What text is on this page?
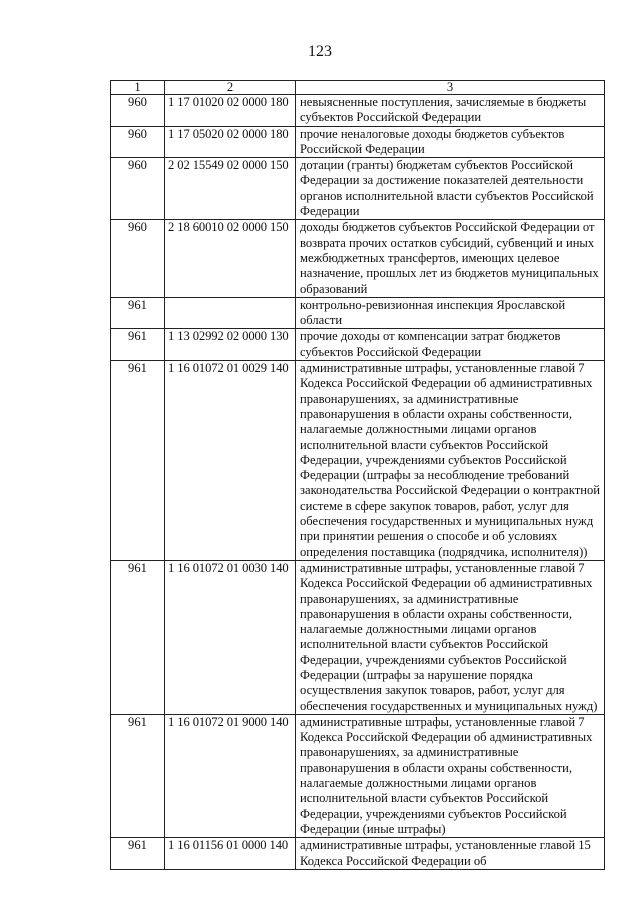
123
1	2	3
960	1 17 01020 02 0000 180	невыясненные поступления, зачисляемые в бюджеты субъектов Российской Федерации
960	1 17 05020 02 0000 180	прочие неналоговые доходы бюджетов субъектов Российской Федерации
960	2 02 15549 02 0000 150	дотации (гранты) бюджетам субъектов Российской Федерации за достижение показателей деятельности органов исполнительной власти субъектов Российской Федерации
960	2 18 60010 02 0000 150	доходы бюджетов субъектов Российской Федерации от возврата прочих остатков субсидий, субвенций и иных межбюджетных трансфертов, имеющих целевое назначение, прошлых лет из бюджетов муниципальных образований
961		контрольно-ревизионная инспекция Ярославской области
961	1 13 02992 02 0000 130	прочие доходы от компенсации затрат бюджетов субъектов Российской Федерации
961	1 16 01072 01 0029 140	административные штрафы, установленные главой 7 Кодекса Российской Федерации об административных правонарушениях, за административные правонарушения в области охраны собственности, налагаемые должностными лицами органов исполнительной власти субъектов Российской Федерации, учреждениями субъектов Российской Федерации (штрафы за несоблюдение требований законодательства Российской Федерации о контрактной системе в сфере закупок товаров, работ, услуг для обеспечения государственных и муниципальных нужд при принятии решения о способе и об условиях определения поставщика (подрядчика, исполнителя))
961	1 16 01072 01 0030 140	административные штрафы, установленные главой 7 Кодекса Российской Федерации об административных правонарушениях, за административные правонарушения в области охраны собственности, налагаемые должностными лицами органов исполнительной власти субъектов Российской Федерации, учреждениями субъектов Российской Федерации (штрафы за нарушение порядка осуществления закупок товаров, работ, услуг для обеспечения государственных и муниципальных нужд)
961	1 16 01072 01 9000 140	административные штрафы, установленные главой 7 Кодекса Российской Федерации об административных правонарушениях, за административные правонарушения в области охраны собственности, налагаемые должностными лицами органов исполнительной власти субъектов Российской Федерации, учреждениями субъектов Российской Федерации (иные штрафы)
961	1 16 01156 01 0000 140	административные штрафы, установленные главой 15 Кодекса Российской Федерации об
